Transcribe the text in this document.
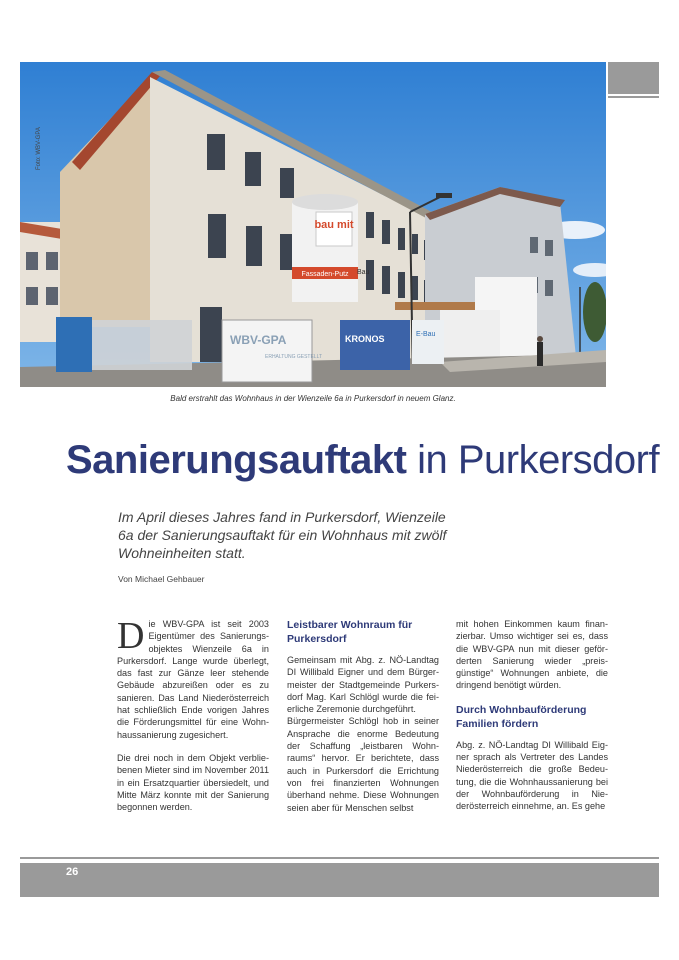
bau mit
Fassaden-Putz
WBV-GPA
ERHALTUNG GESTELLT
KRONOS	E-Bau
Bau
Foto: WBV-GPA
Bald erstrahlt das Wohnhaus in der Wienzeile 6a in Purkersdorf in neuem Glanz.
Sanierungsauftakt in Purkersdorf
Im April dieses Jahres fand in Purkersdorf, Wienzeile 6a der Sanierungsauftakt für ein Wohnhaus mit zwölf Wohneinheiten statt.
Von Michael Gehbauer

Die WBV-GPA ist seit 2003 Eigentümer des Sanierungsobjektes Wienzeile 6a in Purkersdorf. Lange wurde überlegt, das fast zur Gänze leer stehende Gebäude abzureißen oder es zu sanieren. Das Land Niederösterreich hat schließlich Ende vorigen Jahres die Förderungsmittel für eine Wohnhaussanierung zugesichert.

Die drei noch in dem Objekt verbliebenen Mieter sind im November 2011 in ein Ersatzquartier übersiedelt, und Mitte März konnte mit der Sanierung begonnen werden.

Leistbarer Wohnraum für Purkersdorf

Gemeinsam mit Abg. z. NÖ-Landtag DI Willibald Eigner und dem Bürgermeister der Stadtgemeinde Purkersdorf Mag. Karl Schlögl wurde die feierliche Zeremonie durchgeführt.

Bürgermeister Schlögl hob in seiner Ansprache die enorme Bedeutung der Schaffung „leistbaren Wohnraums“ hervor. Er berichtete, dass auch in Purkersdorf die Errichtung von frei finanzierten Wohnungen überhand nehme. Diese Wohnungen seien aber für Menschen selbst

mit hohen Einkommen kaum finanzierbar. Umso wichtiger sei es, dass die WBV-GPA nun mit dieser geförderten Sanierung wieder „preisgünstige“ Wohnungen anbiete, die dringend benötigt würden.

Durch Wohnbauförderung Familien fördern

Abg. z. NÖ-Landtag DI Willibald Eigner sprach als Vertreter des Landes Niederösterreich die große Bedeutung, die die Wohnhaussanierung bei der Wohnbauförderung in Niederösterreich einnehme, an. Es gehe

26
